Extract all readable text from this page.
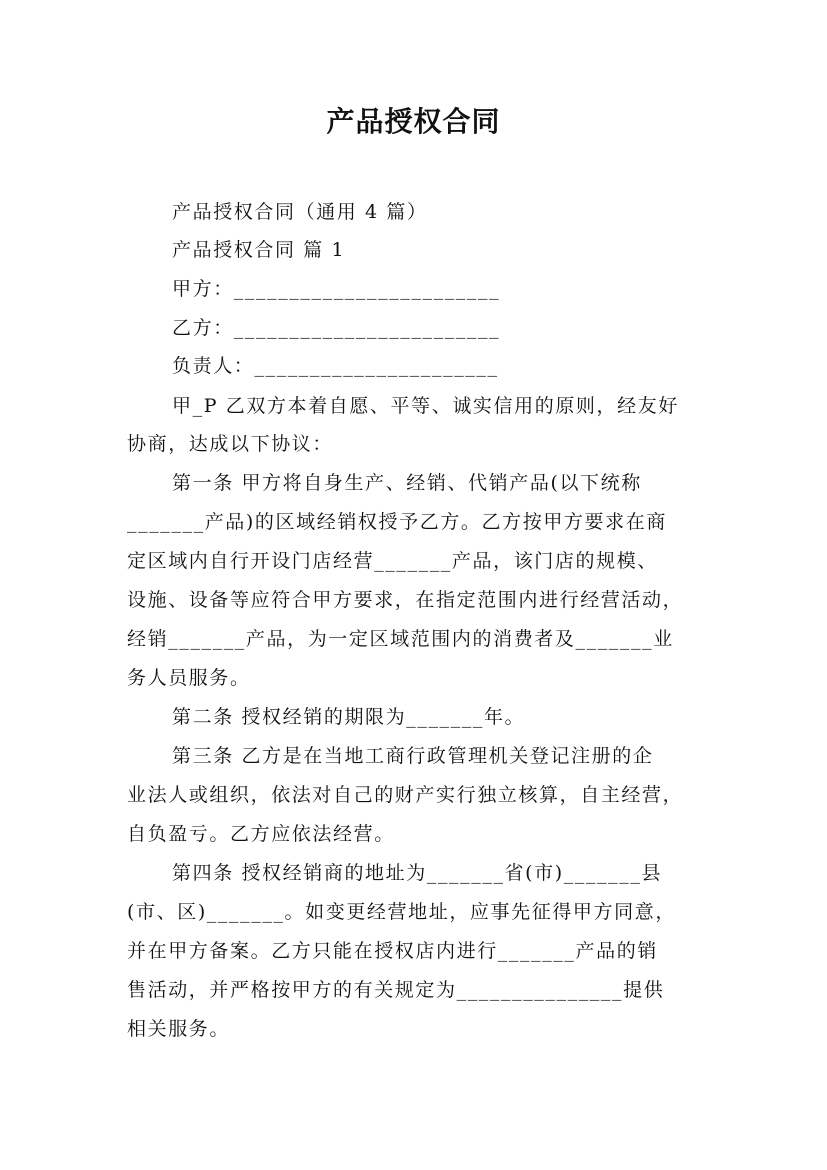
产品授权合同
产品授权合同（通用 4 篇）
产品授权合同 篇 1
甲方：________________________
乙方：________________________
负责人：______________________
甲_P 乙双方本着自愿、平等、诚实信用的原则，经友好
协商，达成以下协议：
第一条 甲方将自身生产、经销、代销产品(以下统称
_______产品)的区域经销权授予乙方。乙方按甲方要求在商
定区域内自行开设门店经营_______产品，该门店的规模、
设施、设备等应符合甲方要求，在指定范围内进行经营活动，
经销_______产品，为一定区域范围内的消费者及_______业
务人员服务。
第二条 授权经销的期限为_______年。
第三条 乙方是在当地工商行政管理机关登记注册的企
业法人或组织，依法对自己的财产实行独立核算，自主经营，
自负盈亏。乙方应依法经营。
第四条 授权经销商的地址为_______省(市)_______县
(市、区)_______。如变更经营地址，应事先征得甲方同意，
并在甲方备案。乙方只能在授权店内进行_______产品的销
售活动，并严格按甲方的有关规定为_______________提供
相关服务。
